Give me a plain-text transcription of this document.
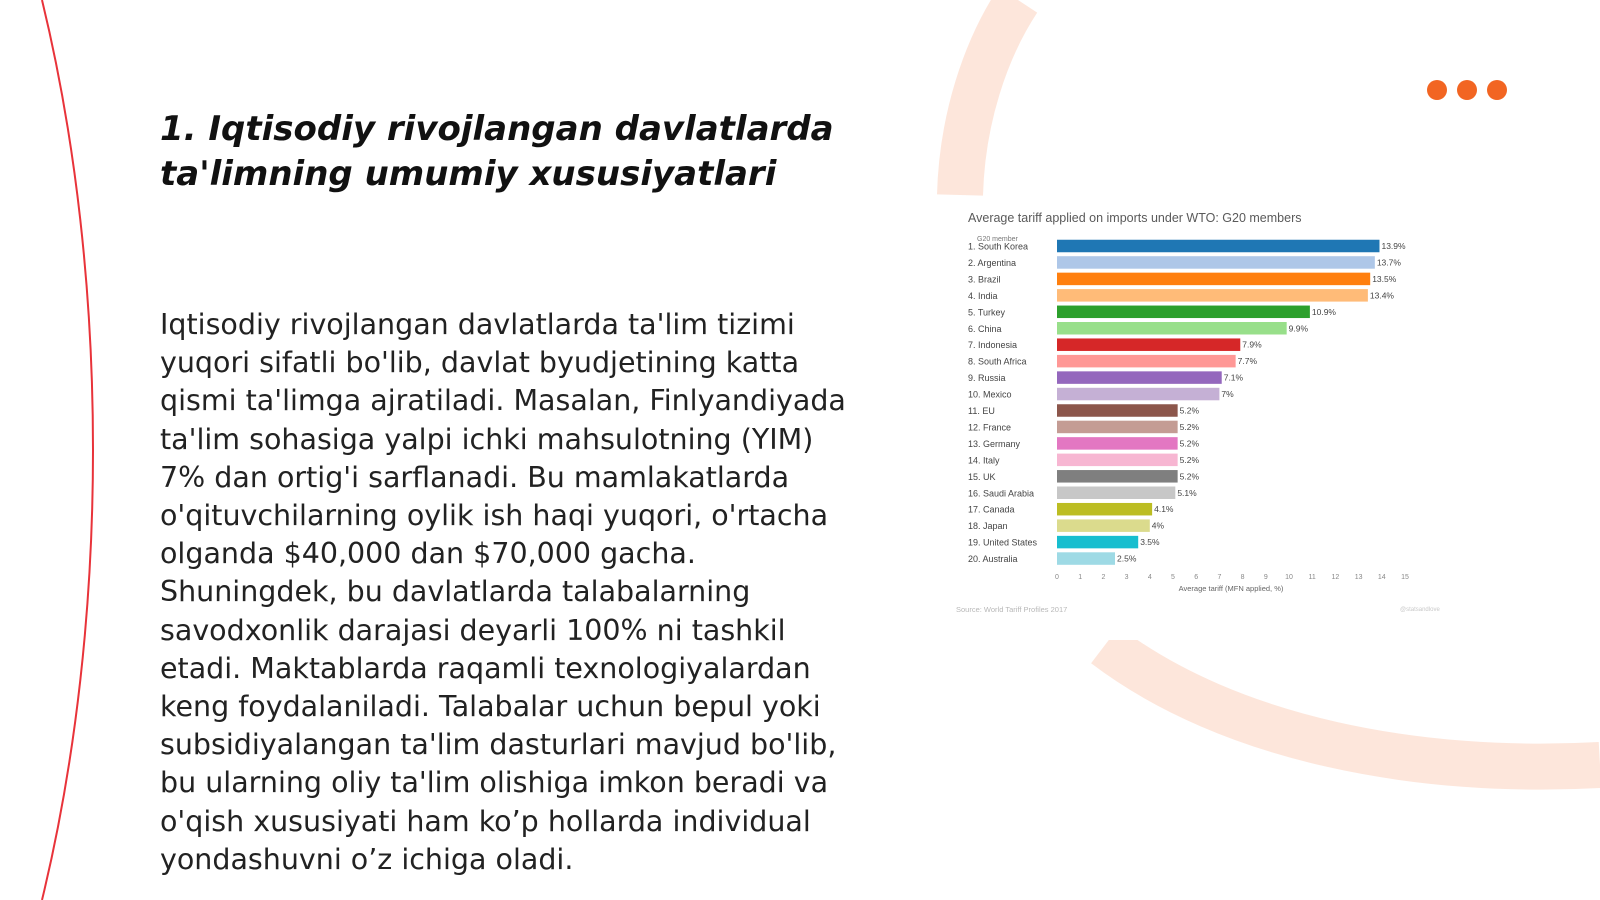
1. Iqtisodiy rivojlangan davlatlarda ta'limning umumiy xususiyatlari

Iqtisodiy rivojlangan davlatlarda ta'lim tizimi yuqori sifatli bo'lib, davlat byudjetining katta qismi ta'limga ajratiladi. Masalan, Finlyandiyada ta'lim sohasiga yalpi ichki mahsulotning (YIM) 7% dan ortig'i sarflanadi. Bu mamlakatlarda o'qituvchilarning oylik ish haqi yuqori, o'rtacha olganda $40,000 dan $70,000 gacha. Shuningdek, bu davlatlarda talabalarning savodxonlik darajasi deyarli 100% ni tashkil etadi. Maktablarda raqamli texnologiyalardan keng foydalaniladi. Talabalar uchun bepul yoki subsidiyalangan ta'lim dasturlari mavjud bo'lib, bu ularning oliy ta'lim olishiga imkon beradi va o'qish xususiyati ham ko’p hollarda individual yondashuvni o’z ichiga oladi.

G20 member
1. South Korea	13.9%
2. Argentina	13.7%
3. Brazil	13.5%
4. India	13.4%
5. Turkey	10.9%
6. China	9.9%
7. Indonesia	7.9%
8. South Africa	7.7%
9. Russia	7.1%
10. Mexico	7%
11. EU	5.2%
12. France	5.2%
13. Germany	5.2%
14. Italy	5.2%
15. UK	5.2%
16. Saudi Arabia	5.1%
17. Canada	4.1%
18. Japan	4%
19. United States	3.5%
20. Australia	2.5%
0	1	2	3	4	5	6	7	8	9 10 11 12 13 14 15
Average tariff (MFN applied, %)
Average tariff applied on imports under WTO: G20 members
Source: World Tariff Profiles 2017	@statsandlove
